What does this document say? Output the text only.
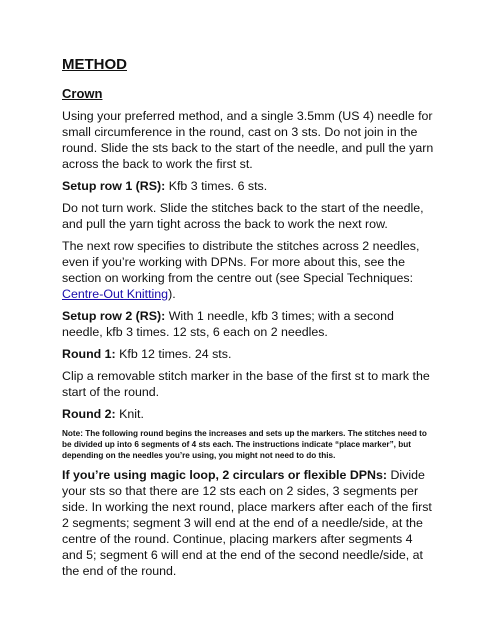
METHOD
Crown

Using your preferred method, and a single 3.5mm (US 4) needle for small circumference in the round, cast on 3 sts. Do not join in the round. Slide the sts back to the start of the needle, and pull the yarn across the back to work the first st.

Setup row 1 (RS): Kfb 3 times. 6 sts.

Do not turn work. Slide the stitches back to the start of the needle, and pull the yarn tight across the back to work the next row.

The next row specifies to distribute the stitches across 2 needles, even if you’re working with DPNs. For more about this, see the section on working from the centre out (see Special Techniques: Centre-Out Knitting).

Setup row 2 (RS): With 1 needle, kfb 3 times; with a second needle, kfb 3 times. 12 sts, 6 each on 2 needles.

Round 1: Kfb 12 times. 24 sts.

Clip a removable stitch marker in the base of the first st to mark the start of the round.

Round 2: Knit.

Note: The following round begins the increases and sets up the markers. The stitches need to be divided up into 6 segments of 4 sts each. The instructions indicate “place marker”, but depending on the needles you’re using, you might not need to do this.

If you’re using magic loop, 2 circulars or flexible DPNs: Divide your sts so that there are 12 sts each on 2 sides, 3 segments per side. In working the next round, place markers after each of the first 2 segments; segment 3 will end at the end of a needle/side, at the centre of the round. Continue, placing markers after segments 4 and 5; segment 6 will end at the end of the second needle/side, at the end of the round.
